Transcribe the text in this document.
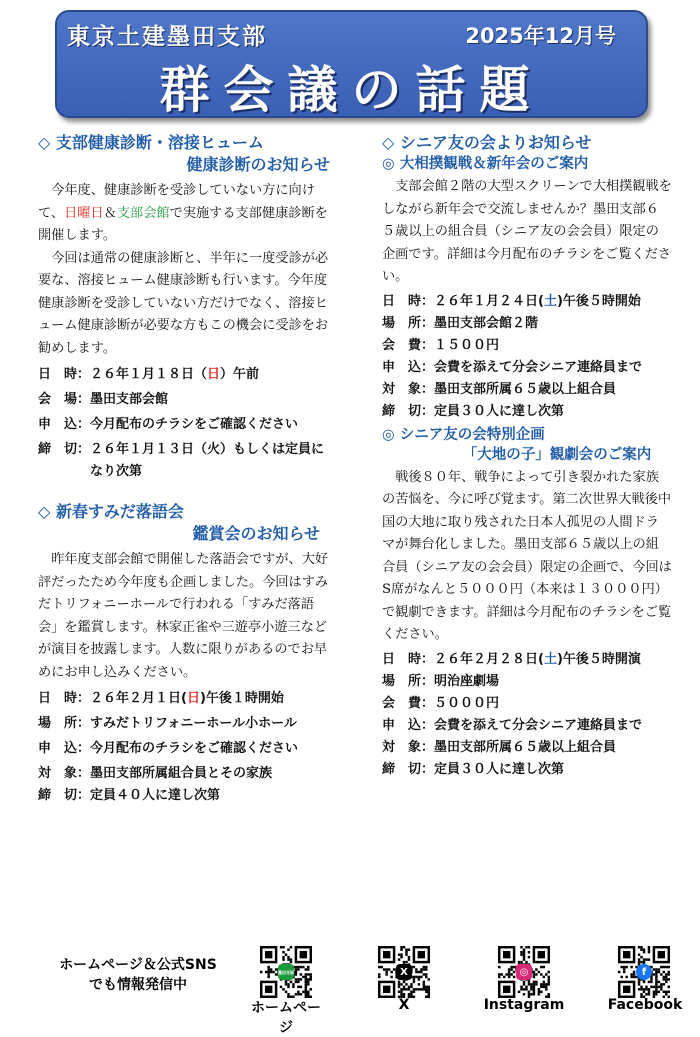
東京土建墨田支部	2025年12月号
群会議の話題
◇ 支部健康診断・溶接ヒューム
健康診断のお知らせ

今年度、健康診断を受診していない方に向けて、日曜日＆支部会館で実施する支部健康診断を開催します。

今回は通常の健康診断と、半年に一度受診が必要な、溶接ヒューム健康診断も行います。今年度健康診断を受診していない方だけでなく、溶接ヒューム健康診断が必要な方もこの機会に受診をお勧めします。

日　時： ２６年１月１８日（日）午前
会　場： 墨田支部会館
申　込： 今月配布のチラシをご確認ください
締　切： ２６年１月１３日（火）もしくは定員になり次第
◇ 新春すみだ落語会
鑑賞会のお知らせ

昨年度支部会館で開催した落語会ですが、大好評だったため今年度も企画しました。今回はすみだトリフォニーホールで行われる「すみだ落語会」を鑑賞します。林家正雀や三遊亭小遊三などが演目を披露します。人数に限りがあるのでお早めにお申し込みください。

日　時： ２６年２月１日(日)午後１時開始
場　所： すみだトリフォニーホール小ホール
申　込： 今月配布のチラシをご確認ください
対　象： 墨田支部所属組合員とその家族
締　切： 定員４０人に達し次第
◇ シニア友の会よりお知らせ
◎ 大相撲観戦＆新年会のご案内

支部会館２階の大型スクリーンで大相撲観戦をしながら新年会で交流しませんか？墨田支部６５歳以上の組合員（シニア友の会会員）限定の企画です。詳細は今月配布のチラシをご覧ください。

日　時：２６年１月２４日(土)午後５時開始
場　所：墨田支部会館２階
会　費：１５００円
申　込：会費を添えて分会シニア連絡員まで
対　象：墨田支部所属６５歳以上組合員
締　切：定員３０人に達し次第
◎ シニア友の会特別企画
「大地の子」観劇会のご案内

戦後８０年、戦争によって引き裂かれた家族の苦悩を、今に呼び覚ます。第二次世界大戦後中国の大地に取り残された日本人孤児の人間ドラマが舞台化しました。墨田支部６５歳以上の組合員（シニア友の会会員）限定の企画で、今回はS席がなんと５０００円（本来は１３０００円）で観劇できます。詳細は今月配布のチラシをご覧ください。

日　時：２６年２月２８日(土)午後５時開演
場　所：明治座劇場
会　費：５０００円
申　込：会費を添えて分会シニア連絡員まで
対　象：墨田支部所属６５歳以上組合員
締　切：定員３０人に達し次第
ホームページ＆公式SNS
でも情報発信中
墨田支部
ホームページ
X
X
◎
Instagram
f
Facebook
